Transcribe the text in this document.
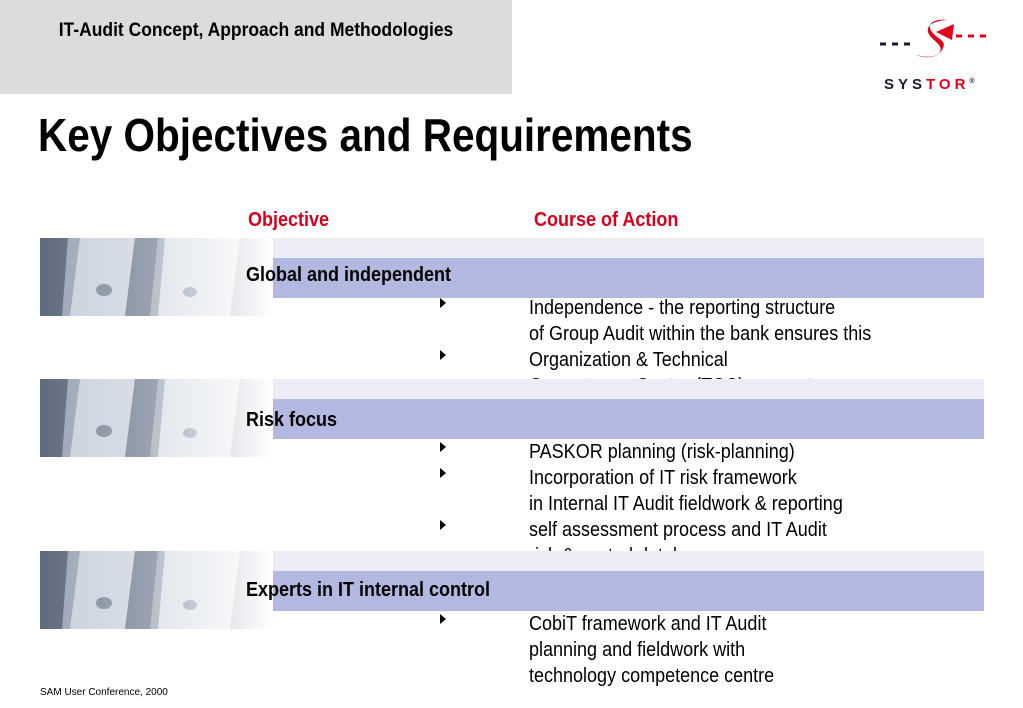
IT-Audit Concept, Approach and Methodologies
SYSTOR®
Key Objectives and Requirements
Objective	Course of Action
Global and independent
Independence - the reporting structure
of Group Audit within the bank ensures this
Organization & Technical
Risk focus
PASKOR planning (risk-planning)
Incorporation of IT risk framework
in Internal IT Audit fieldwork & reporting
self assessment process and IT Audit
Experts in IT internal control
CobiT framework and IT Audit
planning and fieldwork with
technology competence centre
SAM User Conference, 2000
